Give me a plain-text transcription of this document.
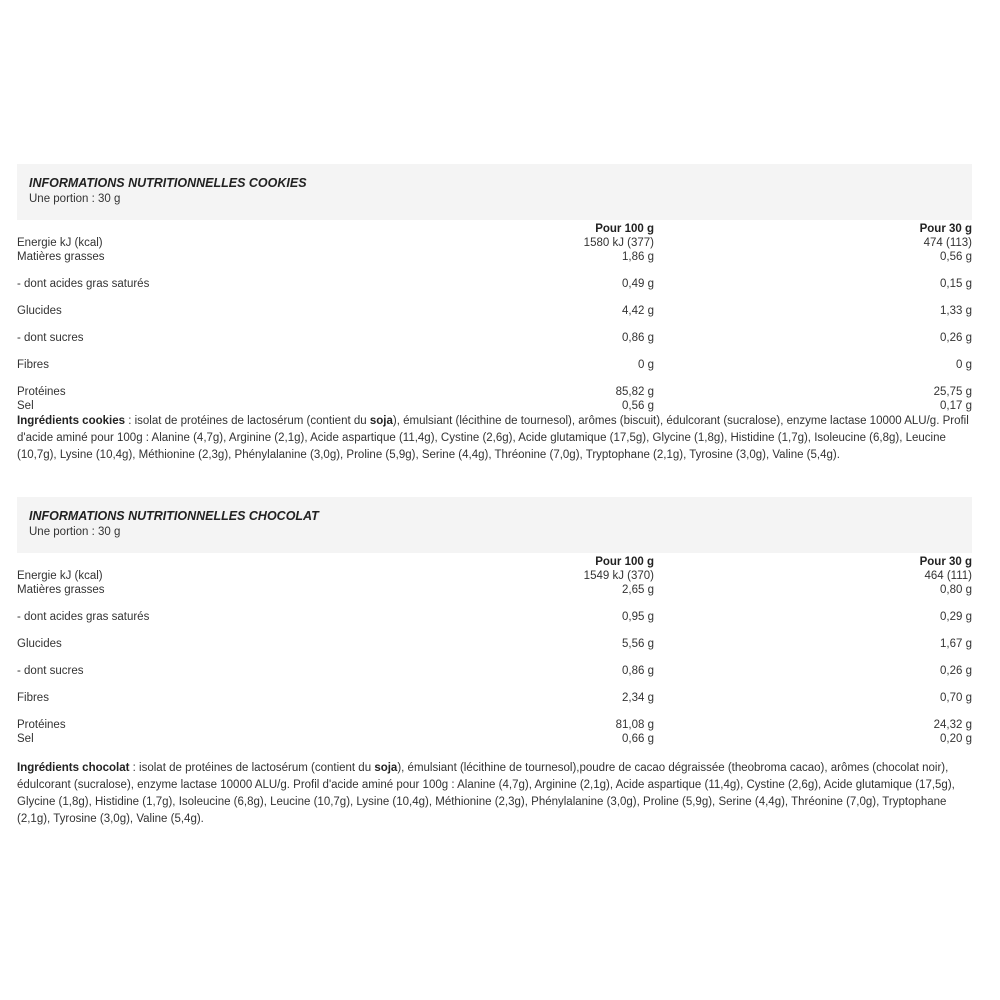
INFORMATIONS NUTRITIONNELLES COOKIES
Une portion : 30 g
	Pour 100 g	Pour 30 g
Energie kJ (kcal)	1580 kJ (377)	474 (113)
Matières grasses	1,86 g	0,56 g
- dont acides gras saturés	0,49 g	0,15 g
Glucides	4,42 g	1,33 g
- dont sucres	0,86 g	0,26 g
Fibres	0 g	0 g
Protéines	85,82 g	25,75 g
Sel	0,56 g	0,17 g

Ingrédients cookies : isolat de protéines de lactosérum (contient du soja), émulsiant (lécithine de tournesol), arômes (biscuit), édulcorant (sucralose), enzyme lactase 10000 ALU/g. Profil d'acide aminé pour 100g : Alanine (4,7g), Arginine (2,1g), Acide aspartique (11,4g), Cystine (2,6g), Acide glutamique (17,5g), Glycine (1,8g), Histidine (1,7g), Isoleucine (6,8g), Leucine (10,7g), Lysine (10,4g), Méthionine (2,3g), Phénylalanine (3,0g), Proline (5,9g), Serine (4,4g), Thréonine (7,0g), Tryptophane (2,1g), Tyrosine (3,0g), Valine (5,4g).

INFORMATIONS NUTRITIONNELLES CHOCOLAT
Une portion : 30 g
	Pour 100 g	Pour 30 g
Energie kJ (kcal)	1549 kJ (370)	464 (111)
Matières grasses	2,65 g	0,80 g
- dont acides gras saturés	0,95 g	0,29 g
Glucides	5,56 g	1,67 g
- dont sucres	0,86 g	0,26 g
Fibres	2,34 g	0,70 g
Protéines	81,08 g	24,32 g
Sel	0,66 g	0,20 g

Ingrédients chocolat : isolat de protéines de lactosérum (contient du soja), émulsiant (lécithine de tournesol),poudre de cacao dégraissée (theobroma cacao), arômes (chocolat noir), édulcorant (sucralose), enzyme lactase 10000 ALU/g. Profil d'acide aminé pour 100g : Alanine (4,7g), Arginine (2,1g), Acide aspartique (11,4g), Cystine (2,6g), Acide glutamique (17,5g), Glycine (1,8g), Histidine (1,7g), Isoleucine (6,8g), Leucine (10,7g), Lysine (10,4g), Méthionine (2,3g), Phénylalanine (3,0g), Proline (5,9g), Serine (4,4g), Thréonine (7,0g), Tryptophane (2,1g), Tyrosine (3,0g), Valine (5,4g).
